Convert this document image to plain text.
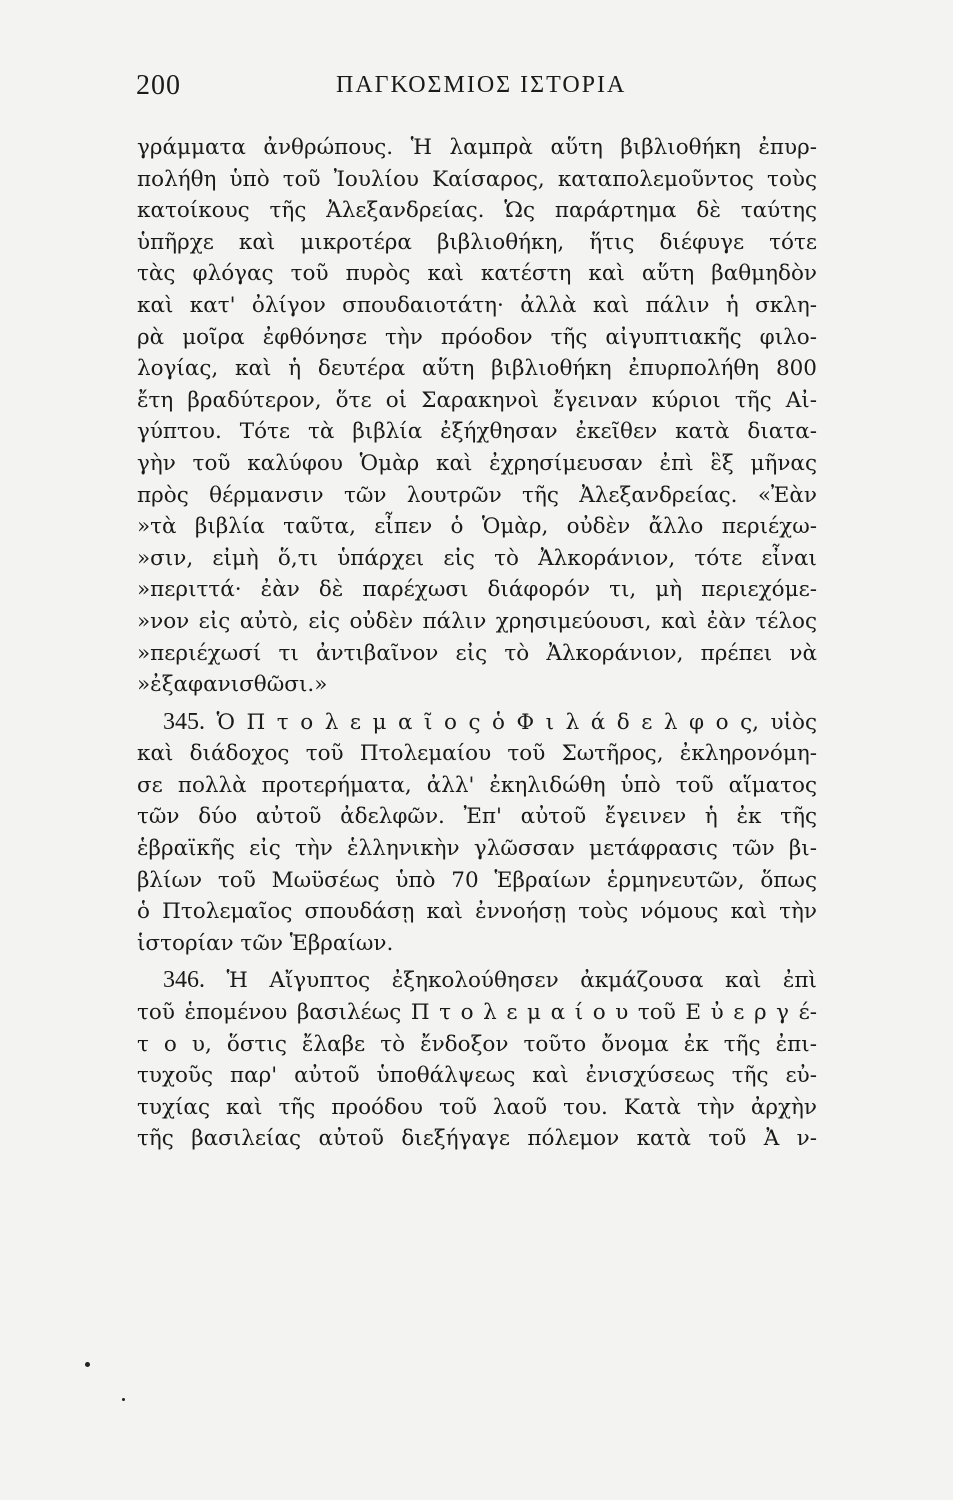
200	ΠΑΓΚΟΣΜΙΟΣ ΙΣΤΟΡΙΑ
γράμματα ἀνθρώπους. Ἡ λαμπρὰ αὕτη βιβλιοθήκη ἐπυρ-
πολήθη ὑπὸ τοῦ Ἰουλίου Καίσαρος, καταπολεμοῦντος τοὺς
κατοίκους τῆς Ἀλεξανδρείας. Ὡς παράρτημα δὲ ταύτης
ὑπῆρχε καὶ μικροτέρα βιβλιοθήκη, ἥτις διέφυγε τότε
τὰς φλόγας τοῦ πυρὸς καὶ κατέστη καὶ αὕτη βαθμηδὸν
καὶ κατ' ὀλίγον σπουδαιοτάτη· ἀλλὰ καὶ πάλιν ἡ σκλη-
ρὰ μοῖρα ἐφθόνησε τὴν πρόοδον τῆς αἰγυπτιακῆς φιλο-
λογίας, καὶ ἡ δευτέρα αὕτη βιβλιοθήκη ἐπυρπολήθη 800
ἔτη βραδύτερον, ὅτε οἱ Σαρακηνοὶ ἔγειναν κύριοι τῆς Αἰ-
γύπτου. Τότε τὰ βιβλία ἐξήχθησαν ἐκεῖθεν κατὰ διατα-
γὴν τοῦ καλύφου Ὁμὰρ καὶ ἐχρησίμευσαν ἐπὶ ἓξ μῆνας
πρὸς θέρμανσιν τῶν λουτρῶν τῆς Ἀλεξανδρείας. «Ἐὰν
»τὰ βιβλία ταῦτα, εἶπεν ὁ Ὁμὰρ, οὐδὲν ἄλλο περιέχω-
»σιν, εἰμὴ ὅ,τι ὑπάρχει εἰς τὸ Ἀλκοράνιον, τότε εἶναι
»περιττά· ἐὰν δὲ παρέχωσι διάφορόν τι, μὴ περιεχόμε-
»νον εἰς αὐτὸ, εἰς οὐδὲν πάλιν χρησιμεύουσι, καὶ ἐὰν τέλος
»περιέχωσί τι ἀντιβαῖνον εἰς τὸ Ἀλκοράνιον, πρέπει νὰ
»ἐξαφανισθῶσι.»
345. Ὁ Π τ ο λ ε μ α ῖ ο ς ὁ Φ ι λ ά δ ε λ φ ο ς, υἱὸς
καὶ διάδοχος τοῦ Πτολεμαίου τοῦ Σωτῆρος, ἐκληρονόμη-
σε πολλὰ προτερήματα, ἀλλ' ἐκηλιδώθη ὑπὸ τοῦ αἵματος
τῶν δύο αὐτοῦ ἀδελφῶν. Ἐπ' αὐτοῦ ἔγεινεν ἡ ἐκ τῆς
ἑβραϊκῆς εἰς τὴν ἑλληνικὴν γλῶσσαν μετάφρασις τῶν βι-
βλίων τοῦ Μωϋσέως ὑπὸ 70 Ἑβραίων ἑρμηνευτῶν, ὅπως
ὁ Πτολεμαῖος σπουδάσῃ καὶ ἐννοήσῃ τοὺς νόμους καὶ τὴν
ἱστορίαν τῶν Ἑβραίων.
346. Ἡ Αἴγυπτος ἐξηκολούθησεν ἀκμάζουσα καὶ ἐπὶ
τοῦ ἑπομένου βασιλέως Π τ ο λ ε μ α ί ο υ τοῦ Ε ὐ ε ρ γ έ-
τ ο υ, ὅστις ἔλαβε τὸ ἔνδοξον τοῦτο ὄνομα ἐκ τῆς ἐπι-
τυχοῦς παρ' αὐτοῦ ὑποθάλψεως καὶ ἐνισχύσεως τῆς εὐ-
τυχίας καὶ τῆς προόδου τοῦ λαοῦ του. Κατὰ τὴν ἀρχὴν
τῆς βασιλείας αὐτοῦ διεξήγαγε πόλεμον κατὰ τοῦ Ἀ ν-
